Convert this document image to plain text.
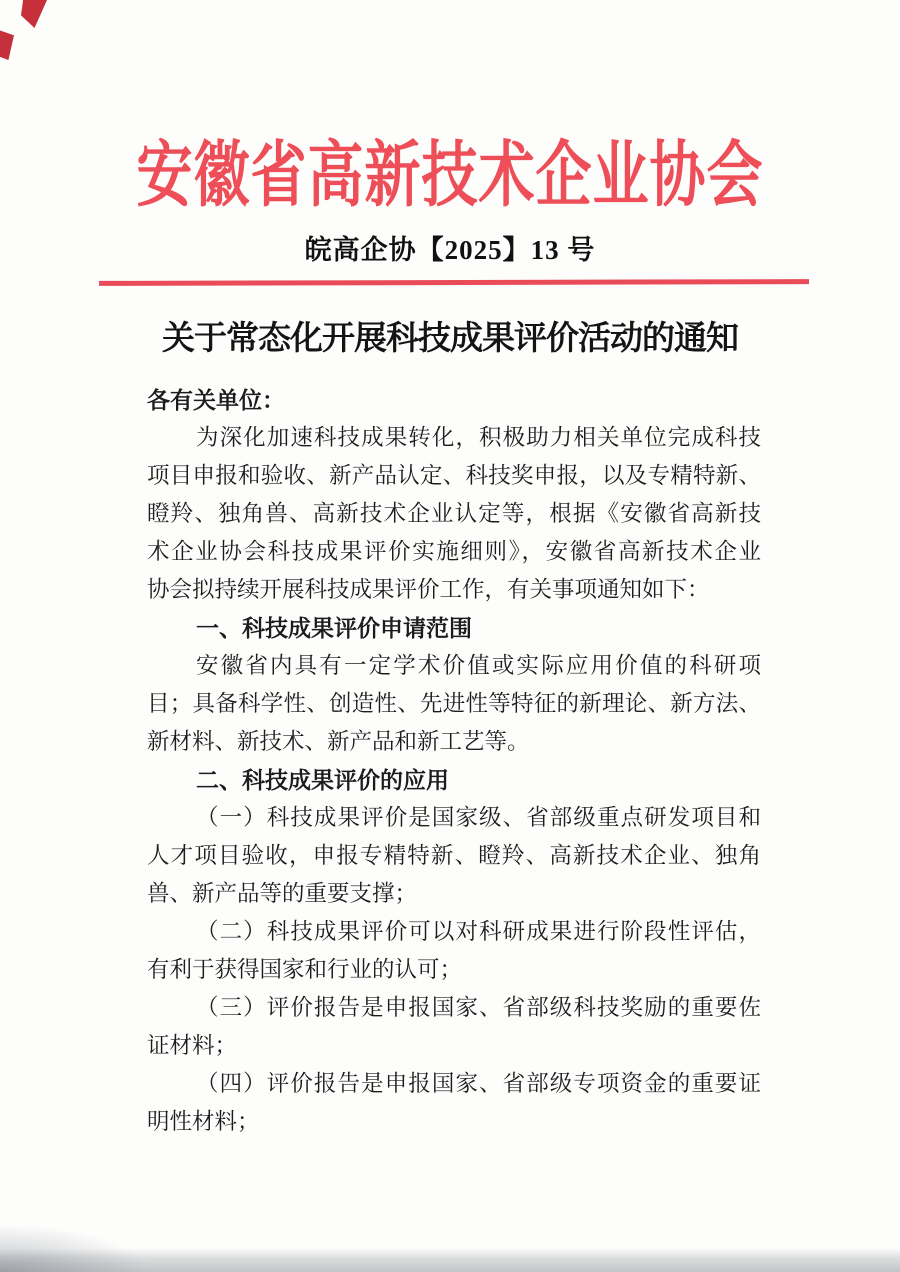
安徽省高新技术企业协会
皖高企协【2025】13 号
关于常态化开展科技成果评价活动的通知
各有关单位：
为深化加速科技成果转化，积极助力相关单位完成科技
项目申报和验收、新产品认定、科技奖申报，以及专精特新、
瞪羚、独角兽、高新技术企业认定等，根据《安徽省高新技
术企业协会科技成果评价实施细则》，安徽省高新技术企业
协会拟持续开展科技成果评价工作，有关事项通知如下：
一、科技成果评价申请范围
安徽省内具有一定学术价值或实际应用价值的科研项
目；具备科学性、创造性、先进性等特征的新理论、新方法、
新材料、新技术、新产品和新工艺等。
二、科技成果评价的应用
（一）科技成果评价是国家级、省部级重点研发项目和
人才项目验收，申报专精特新、瞪羚、高新技术企业、独角
兽、新产品等的重要支撑；
（二）科技成果评价可以对科研成果进行阶段性评估，
有利于获得国家和行业的认可；
（三）评价报告是申报国家、省部级科技奖励的重要佐
证材料；
（四）评价报告是申报国家、省部级专项资金的重要证
明性材料；
